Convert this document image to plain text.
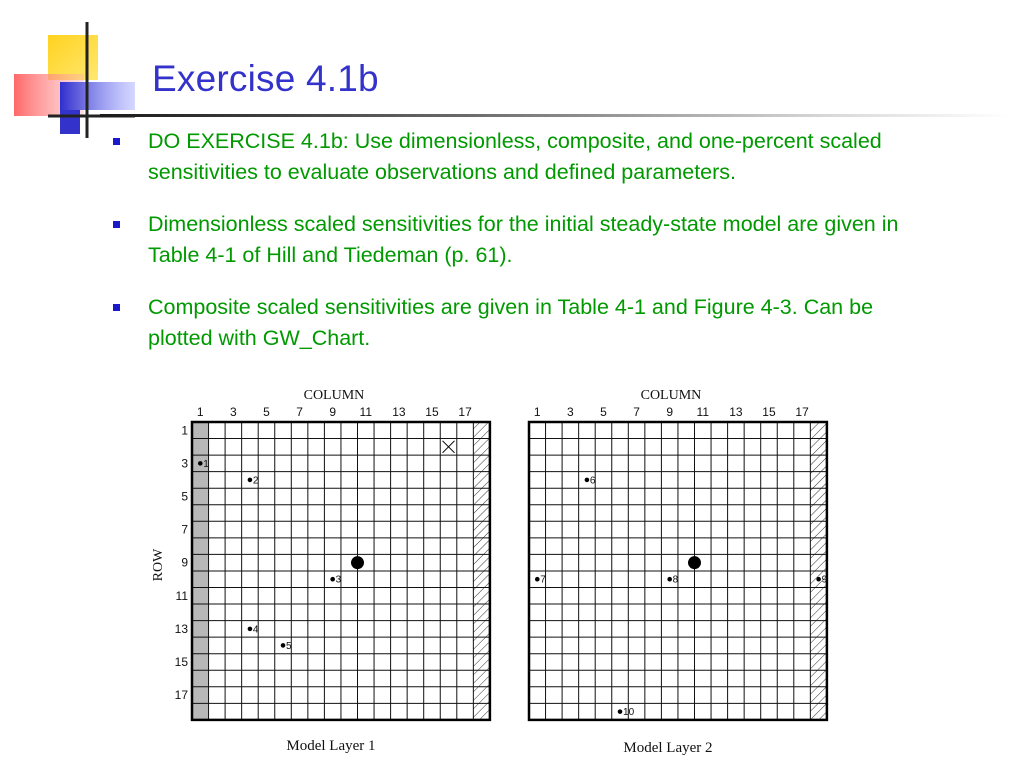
Exercise 4.1b
DO EXERCISE 4.1b: Use dimensionless, composite, and one-percent scaled sensitivities to evaluate observations and defined parameters.
Dimensionless scaled sensitivities for the initial steady-state model are given in Table 4-1 of Hill and Tiedeman (p. 61).
Composite scaled sensitivities are given in Table 4-1 and Figure 4-3. Can be plotted with GW_Chart.
ROW
COLUMN
1 3 5 7 9 11 13 15 17
1
3
5
7
9
11
13
15
17
1
2
3
4
5
Model Layer 1
COLUMN
1 3 5 7 9 11 13 15 17
6
7	8	9
10
Model Layer 2
